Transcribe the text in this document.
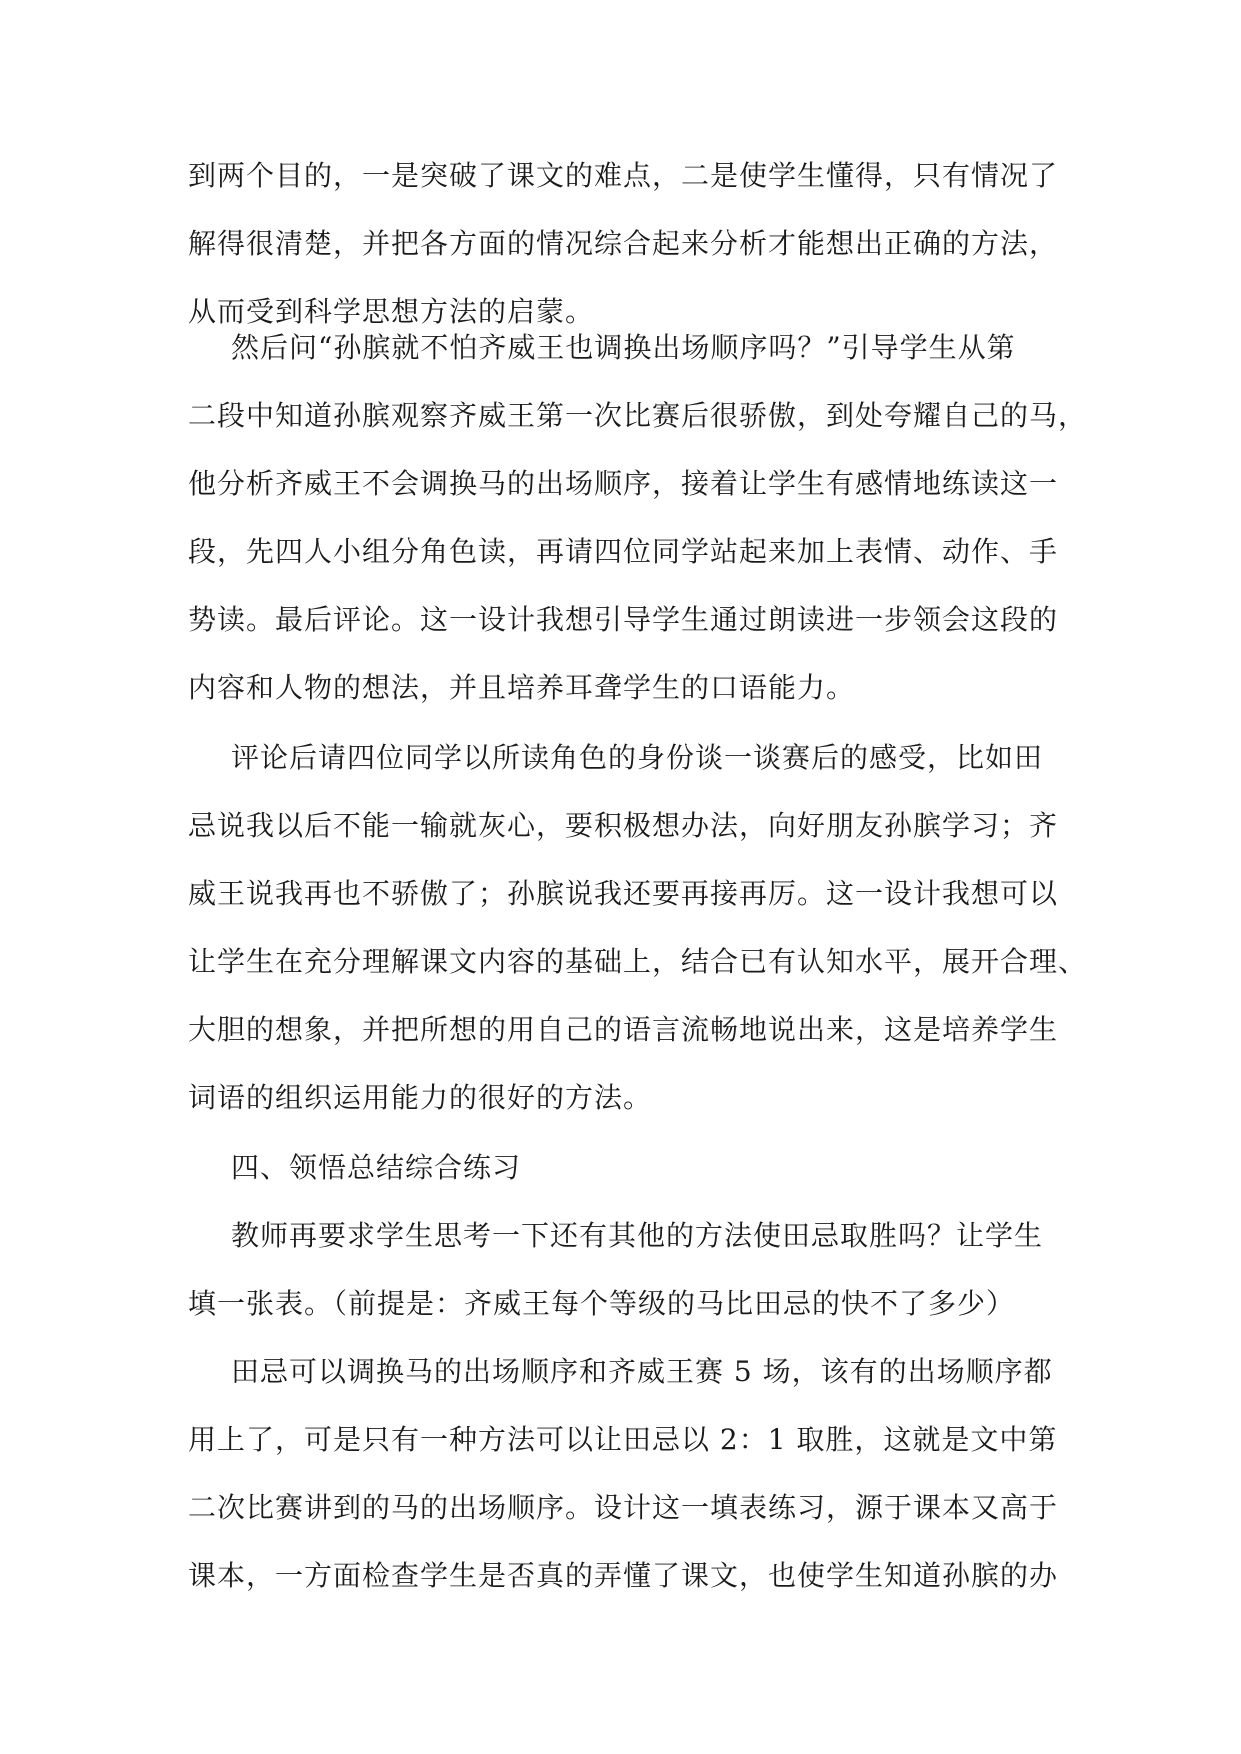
到两个目的，一是突破了课文的难点，二是使学生懂得，只有情况了
解得很清楚，并把各方面的情况综合起来分析才能想出正确的方法，
从而受到科学思想方法的启蒙。
然后问“孙膑就不怕齐威王也调换出场顺序吗？”引导学生从第
二段中知道孙膑观察齐威王第一次比赛后很骄傲，到处夸耀自己的马，
他分析齐威王不会调换马的出场顺序，接着让学生有感情地练读这一
段，先四人小组分角色读，再请四位同学站起来加上表情、动作、手
势读。最后评论。这一设计我想引导学生通过朗读进一步领会这段的
内容和人物的想法，并且培养耳聋学生的口语能力。
评论后请四位同学以所读角色的身份谈一谈赛后的感受，比如田
忌说我以后不能一输就灰心，要积极想办法，向好朋友孙膑学习；齐
威王说我再也不骄傲了；孙膑说我还要再接再厉。这一设计我想可以
让学生在充分理解课文内容的基础上，结合已有认知水平，展开合理、
大胆的想象，并把所想的用自己的语言流畅地说出来，这是培养学生
词语的组织运用能力的很好的方法。
四、领悟总结综合练习
教师再要求学生思考一下还有其他的方法使田忌取胜吗？让学生
填一张表。（前提是：齐威王每个等级的马比田忌的快不了多少）
田忌可以调换马的出场顺序和齐威王赛 5 场，该有的出场顺序都
用上了，可是只有一种方法可以让田忌以 2：1 取胜，这就是文中第
二次比赛讲到的马的出场顺序。设计这一填表练习，源于课本又高于
课本，一方面检查学生是否真的弄懂了课文，也使学生知道孙膑的办
